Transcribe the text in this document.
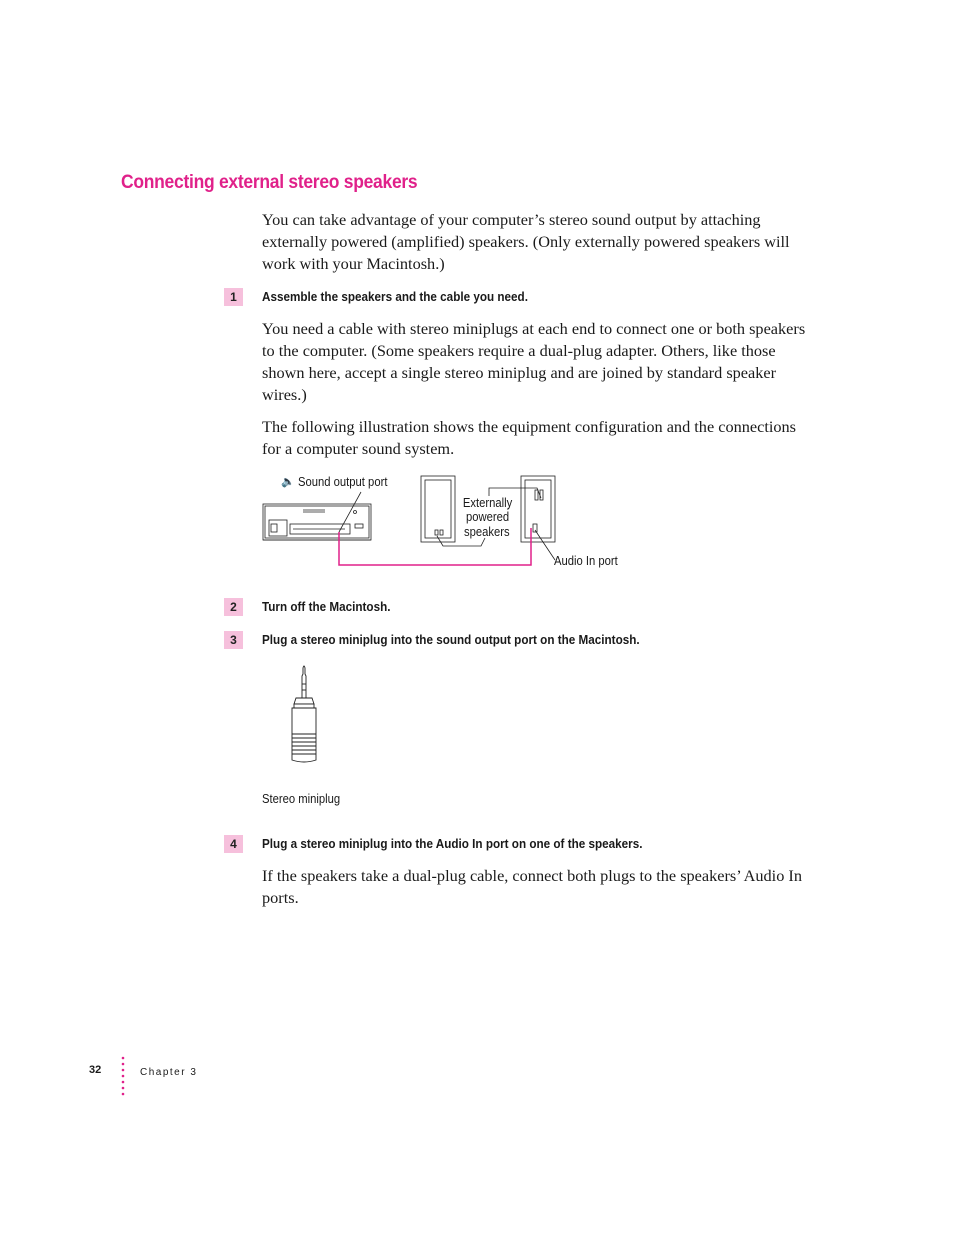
Connecting external stereo speakers

You can take advantage of your computer’s stereo sound output by attaching externally powered (amplified) speakers. (Only externally powered speakers will work with your Macintosh.)

1	Assemble the speakers and the cable you need.

You need a cable with stereo miniplugs at each end to connect one or both speakers to the computer. (Some speakers require a dual-plug adapter. Others, like those shown here, accept a single stereo miniplug and are joined by standard speaker wires.)

The following illustration shows the equipment configuration and the connections for a computer sound system.

🔈 Sound output port
Externally
powered
speakers
Audio In port
2	Turn off the Macintosh.

3	Plug a stereo miniplug into the sound output port on the Macintosh.

Stereo miniplug
4	Plug a stereo miniplug into the Audio In port on one of the speakers.

If the speakers take a dual-plug cable, connect both plugs to the speakers’ Audio In ports.

32	Chapter 3
